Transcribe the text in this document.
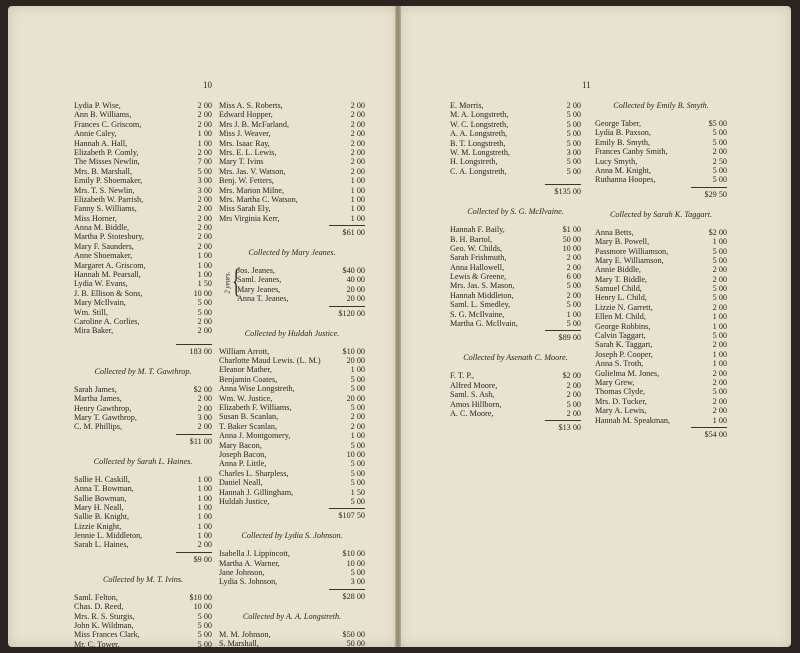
10	11
Lydia P. Wise,	2 00
Ann B. Williams,	2 00
Frances C. Griscom,	2 00
Annie Caley,	1 00
Hannah A. Hall,	1 00
Elizabeth P. Comly,	2 00
The Misses Newlin,	7 00
Mrs. B. Marshall,	5 00
Emily P. Shoemaker,	3 00
Mrs. T. S. Newlin,	3 00
Elizabeth W. Parrish,	2 00
Fanny S. Williams,	2 00
Miss Horner,	2 00
Anna M. Biddle,	2 00
Martha P. Stotesbury,	2 00
Mary F. Saunders,	2 00
Anne Shoemaker,	1 00
Margaret A. Griscom,	1 00
Hannah M. Pearsall,	1 00
Lydia W. Evans,	1 50
J. B. Ellison & Sons,	10 00
Mary McIlvain,	5 00
Wm. Still,	5 00
Caroline A. Corlies,	2 00
Mira Baker,	2 00
183 00
Collected by M. T. Gawthrop.
Sarah James,	$2 00
Martha James,	2 00
Henry Gawthrop,	2 00
Mary T. Gawthrop,	3 00
C. M. Phillips,	2 00
$11 00
Collected by Sarah L. Haines.
Sallie H. Caskill,	1 00
Anna T. Bowman,	1 00
Sallie Bowman,	1 00
Mary H. Neall,	1 00
Sallie B. Knight,	1 00
Lizzie Knight,	1 00
Jennie L. Middleton,	1 00
Sarah L. Haines,	2 00
$9 00
Collected by M. T. Ivins.
Saml. Felton,	$10 00
Chas. D. Reed,	10 00
Mrs. R. S. Sturgis,	5 00
John K. Wildman,	5 00
Miss Frances Clark,	5 00
Mr. C. Tower,	5 00
Miss A. S. Roberts,	2 00
Edward Hopper,	2 00
Mrs J. B. McFarland,	2 00
Miss J. Weaver,	2 00
Mrs. Isaac Ray,	2 00
Mrs. E. L. Lewis,	2 00
Mary T. Ivins	2 00
Mrs. Jas. V. Watson,	2 00
Benj. W. Fetters,	1 00
Mrs. Marion Milne,	1 00
Mrs. Martha C. Watson,	1 00
Miss Sarah Ely,	1 00
Mrs Virginia Kerr,	1 00
$61 00
Collected by Mary Jeanes.
Jos. Jeanes,	$40 00
Saml. Jeanes,	40 00
Mary Jeanes,	20 00
Anna T. Jeanes,	20 00
2 years. {
$120 00
Collected by Huldah Justice.
William Arrott,	$10 00
Charlotte Maud Lewis. (L. M.)	20 00
Eleanor Mather,	1 00
Benjamin Coates,	5 00
Anna Wise Longstreth,	5 00
Wm. W. Justice,	20 00
Elizabeth F. Williams,	5 00
Susan B. Scanlan,	2 00
T. Baker Scanlan,	2 00
Anna J. Montgomery,	1 00
Mary Bacon,	5 00
Joseph Bacon,	10 00
Anna P. Little,	5 00
Charles L. Sharpless,	5 00
Daniel Neall,	5 00
Hannah J. Gillingham,	1 50
Huldah Justice,	5 00
$107 50
Collected by Lydia S. Johnson.
Isabella J. Lippincott,	$10 00
Martha A. Warner,	10 00
Jane Johnson,	5 00
Lydia S. Johnson,	3 00
$28 00
Collected by A. A. Longstreth.
M. M. Johnson,	$50 00
S. Marshall,	50 00
E. Morris,	2 00
M. A. Longstreth,	5 00
W. C. Longstreth,	5 00
A. A. Longstreth,	5 00
B. T. Longstreth,	5 00
W. M. Longstreth,	3 00
H. Longstreth,	5 00
C. A. Longstreth,	5 00
$135 00
Collected by S. G. McIlvaine.
Hannah F. Baily,	$1 00
B. H. Bartol,	50 00
Geo. W. Childs,	10 00
Sarah Frishmuth,	2 00
Anna Hallowell,	2 00
Lewis & Greene,	6 00
Mrs. Jas. S. Mason,	5 00
Hannah Middleton,	2 00
Saml. L. Smedley,	5 00
S. G. McIlvaine,	1 00
Martha G. McIlvain,	5 00
$89 00
Collected by Asenath C. Moore.
F. T. P.,	$2 00
Alfred Moore,	2 00
Saml. S. Ash,	2 00
Amos Hillborn,	5 00
A. C. Moore,	2 00
$13 00
Collected by Emily B. Smyth.
George Taber,	$5 00
Lydia B. Paxson,	5 00
Emily B. Smyth,	5 00
Frances Canby Smith,	2 00
Lucy Smyth,	2 50
Anna M. Knight,	5 00
Ruthanna Hoopes,	5 00
$29 50
Collected by Sarah K. Taggart.
Anna Betts,	$2 00
Mary B. Powell,	1 00
Passmore Williamson,	5 00
Mary E. Williamson,	5 00
Annie Biddle,	2 00
Mary T. Biddle,	2 00
Samuel Child,	5 00
Henry L. Child,	5 00
Lizzie N. Garrett,	2 00
Ellen M. Child,	1 00
George Robbins,	1 00
Calvin Taggart,	5 00
Sarah K. Taggart,	2 00
Joseph P. Cooper,	1 00
Anna S. Troth,	1 00
Gulielma M. Jones,	2 00
Mary Grew,	2 00
Thomas Clyde,	5 00
Mrs. D. Tucker,	2 00
Mary A. Lewis,	2 00
Hannah M. Speakman,	1 00
$54 00
